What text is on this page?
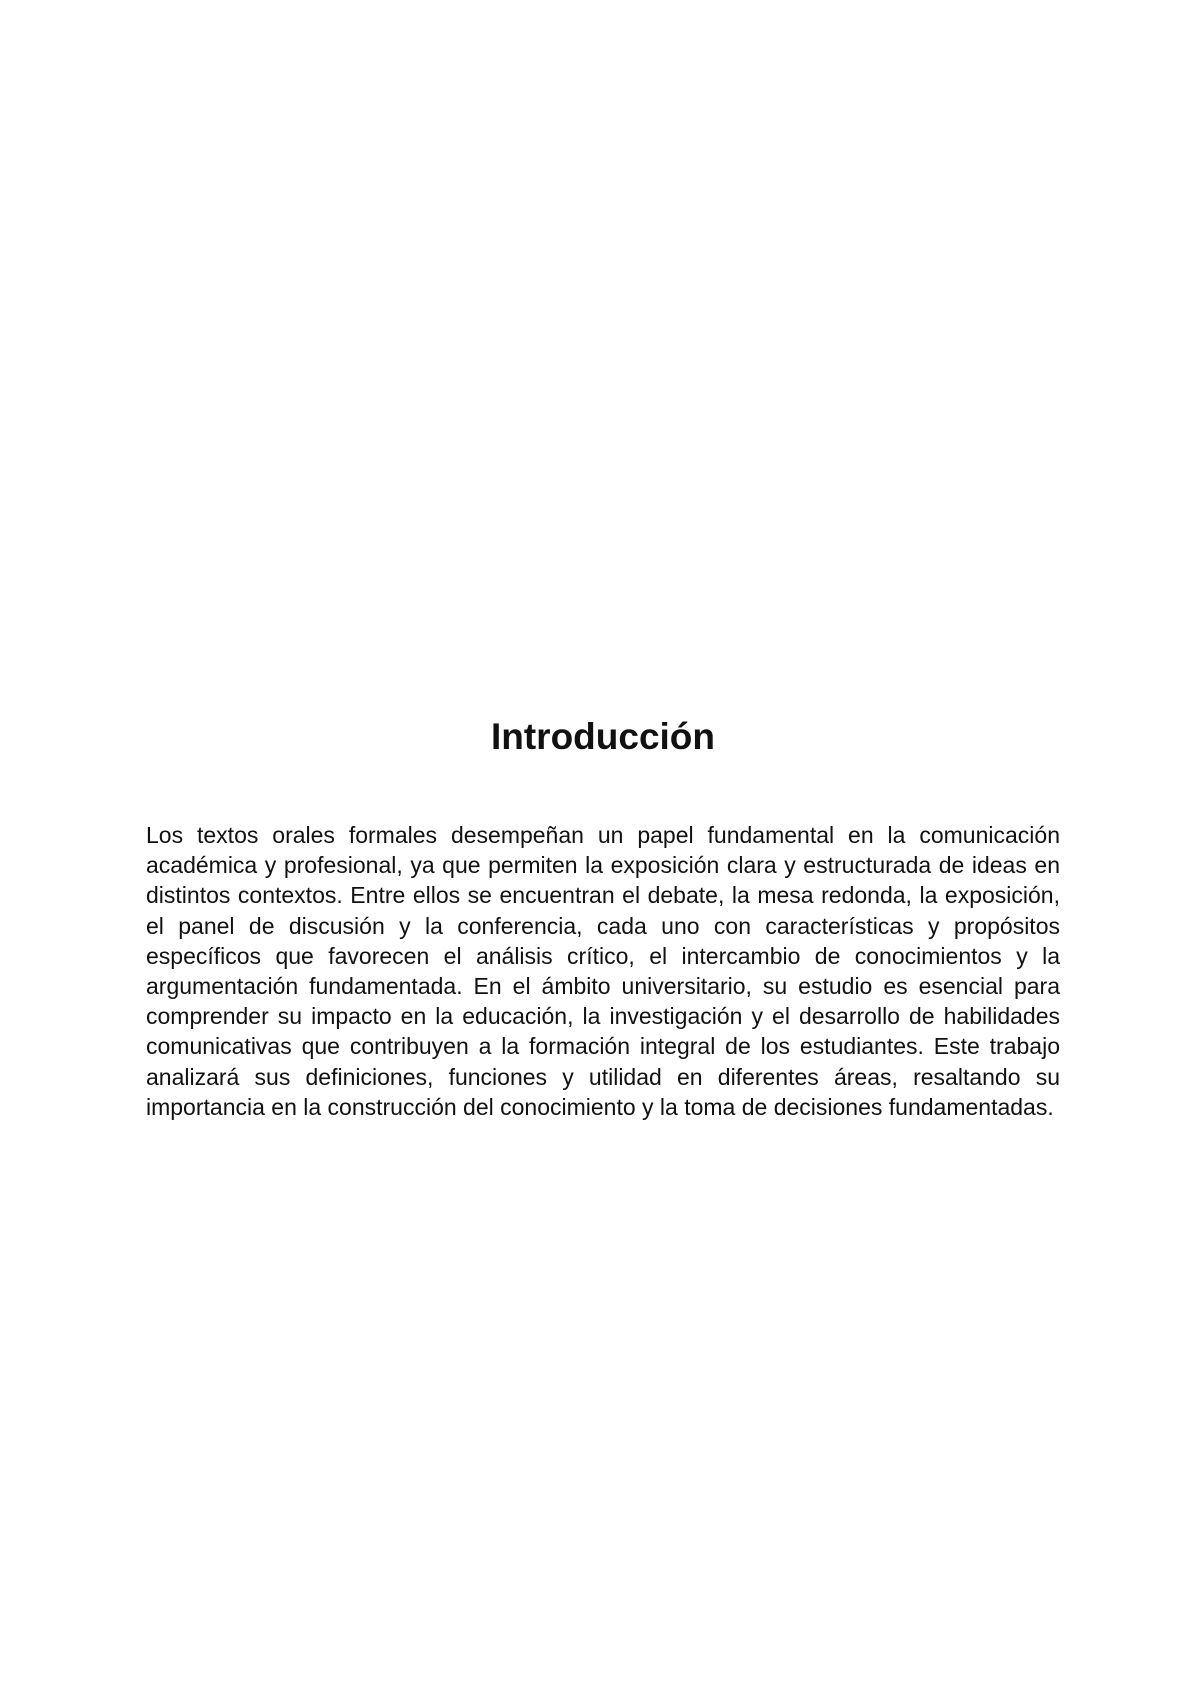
Introducción

Los textos orales formales desempeñan un papel fundamental en la comunicación académica y profesional, ya que permiten la exposición clara y estructurada de ideas en distintos contextos. Entre ellos se encuentran el debate, la mesa redonda, la exposición, el panel de discusión y la conferencia, cada uno con características y propósitos específicos que favorecen el análisis crítico, el intercambio de conocimientos y la argumentación fundamentada. En el ámbito universitario, su estudio es esencial para comprender su impacto en la educación, la investigación y el desarrollo de habilidades comunicativas que contribuyen a la formación integral de los estudiantes. Este trabajo analizará sus definiciones, funciones y utilidad en diferentes áreas, resaltando su importancia en la construcción del conocimiento y la toma de decisiones fundamentadas.
